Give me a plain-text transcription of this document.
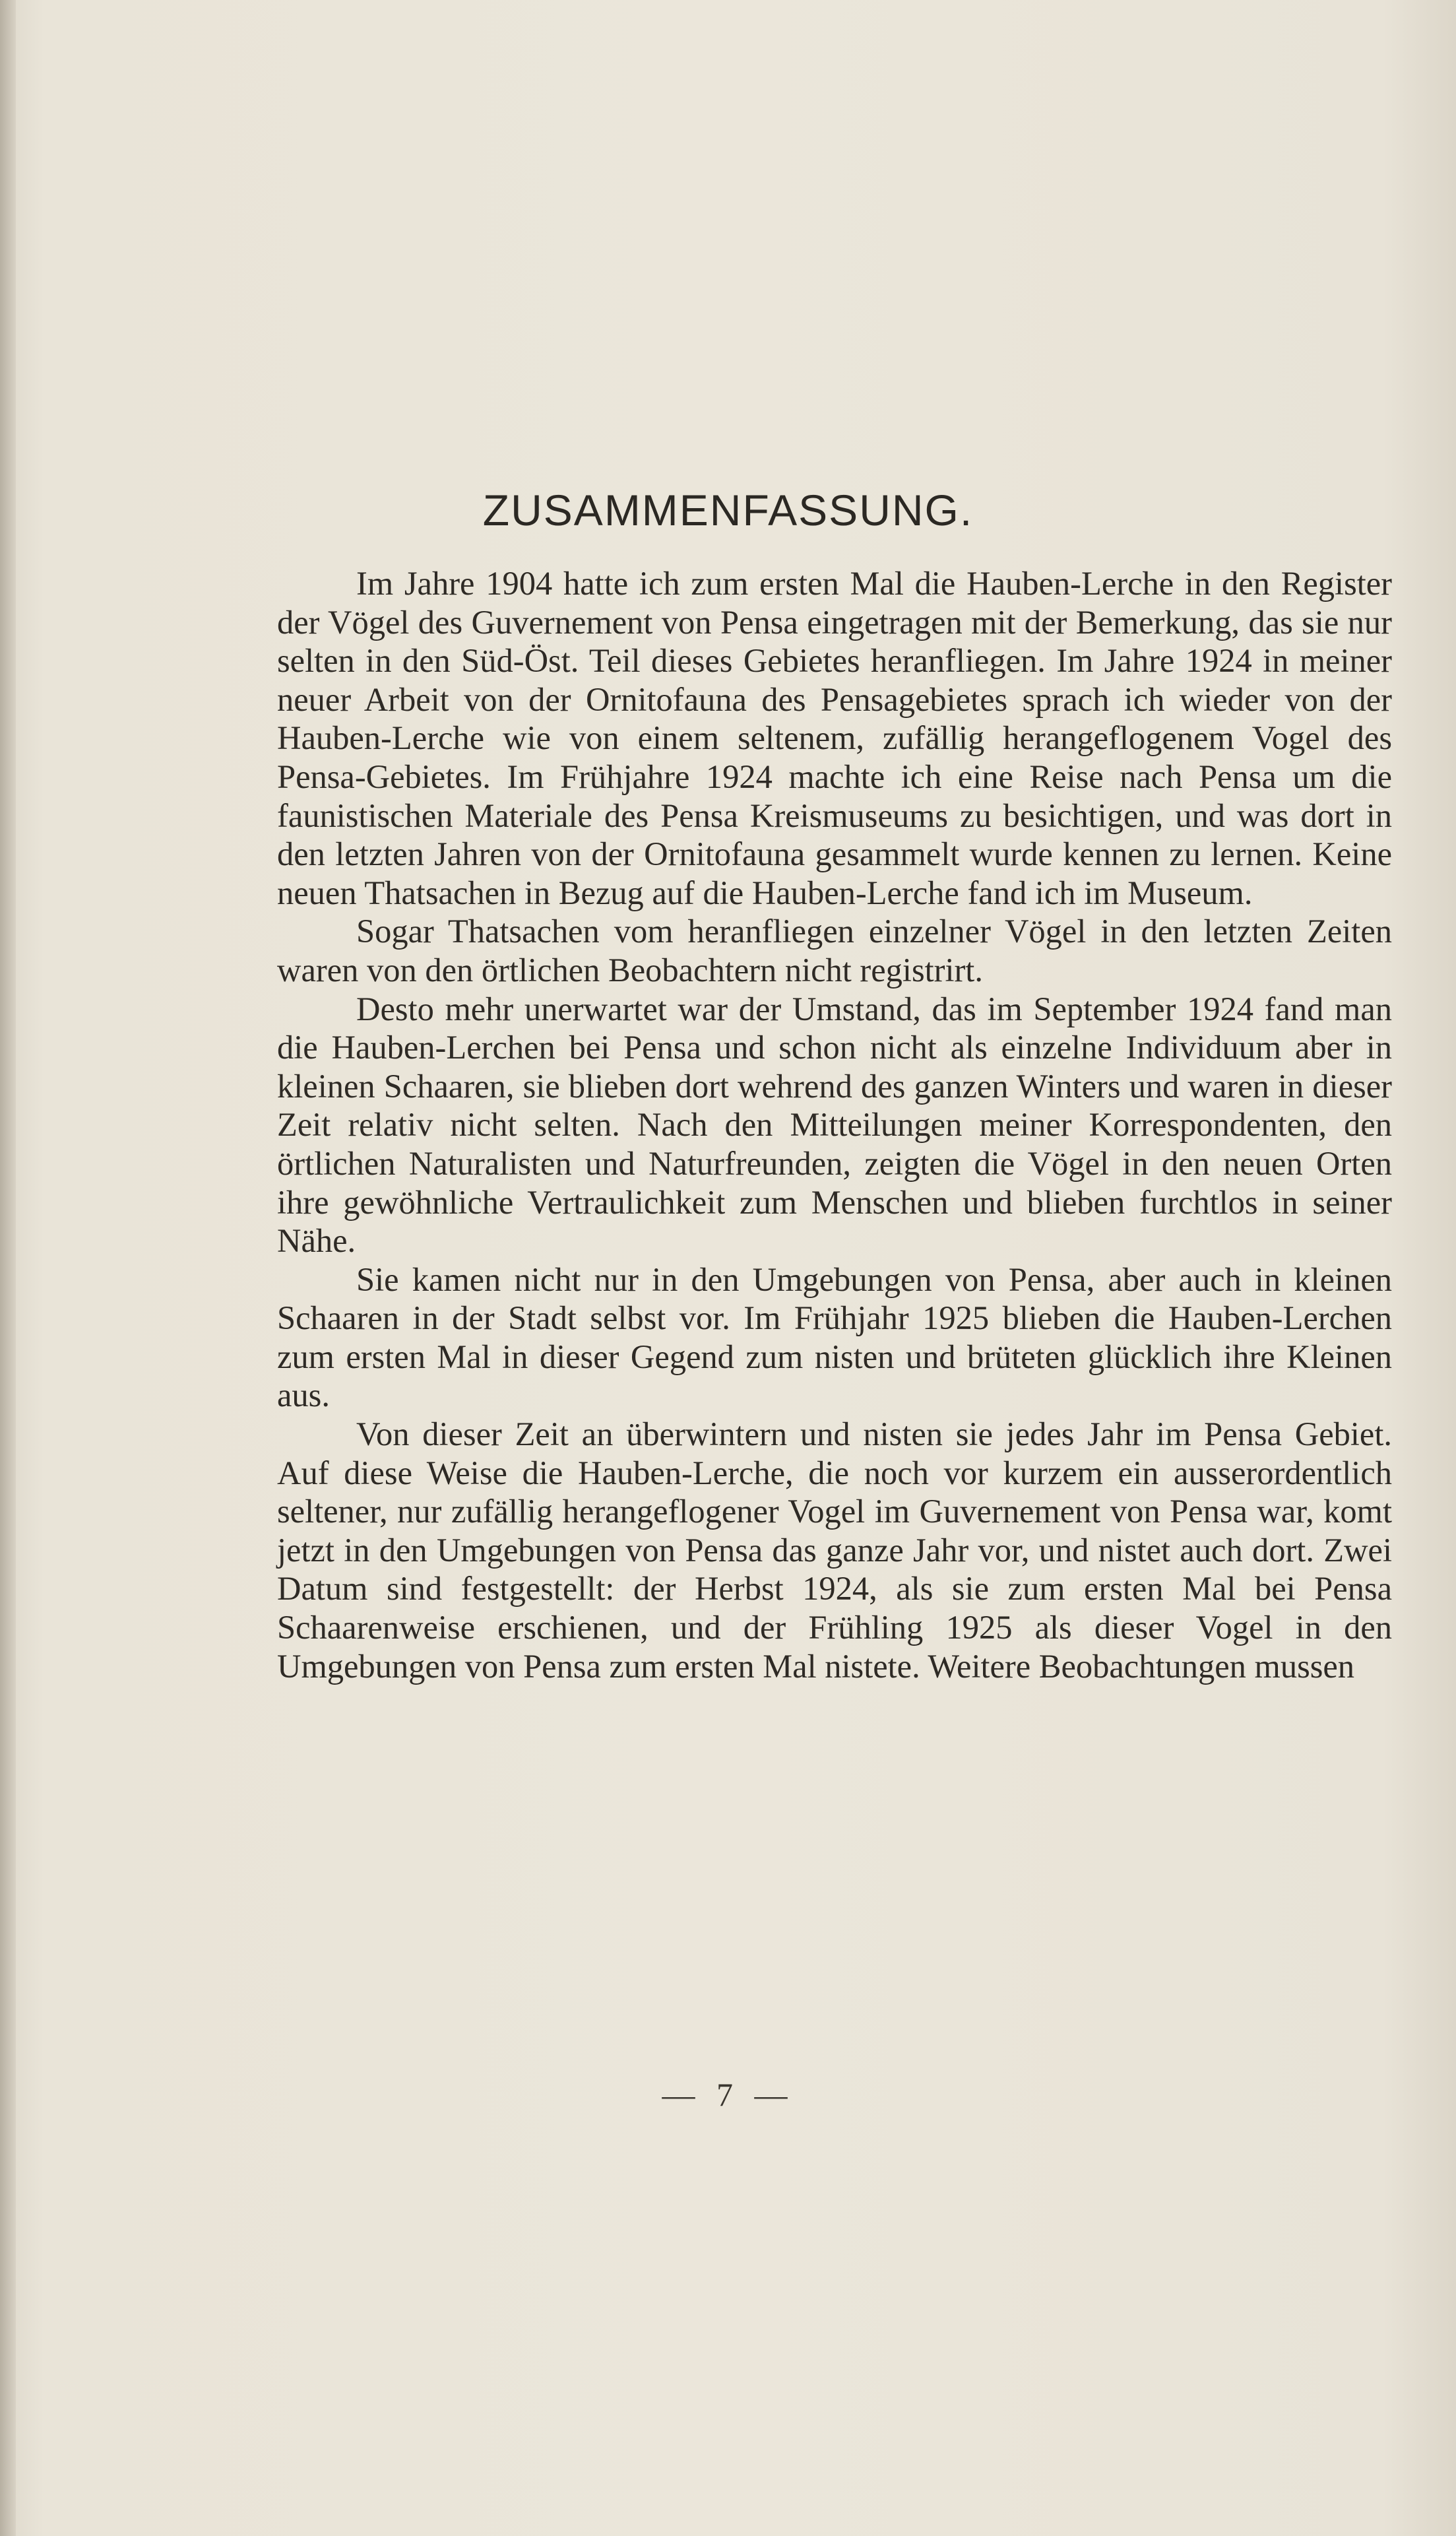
ZUSAMMENFASSUNG.

Im Jahre 1904 hatte ich zum ersten Mal die Hauben-Lerche in den Register der Vögel des Guvernement von Pensa eingetragen mit der Bemerkung, das sie nur selten in den Süd-Öst. Teil dieses Gebietes heranfliegen. Im Jahre 1924 in meiner neuer Arbeit von der Ornitofauna des Pensagebietes sprach ich wieder von der Hauben-Lerche wie von einem seltenem, zufällig herangeflogenem Vogel des Pensa-Gebietes. Im Frühjahre 1924 machte ich eine Reise nach Pensa um die faunistischen Materiale des Pensa Kreismuseums zu besichtigen, und was dort in den letzten Jahren von der Ornitofauna gesammelt wurde kennen zu lernen. Keine neuen Thatsachen in Bezug auf die Hauben-Lerche fand ich im Museum.

Sogar Thatsachen vom heranfliegen einzelner Vögel in den letzten Zeiten waren von den örtlichen Beobachtern nicht registrirt.

Desto mehr unerwartet war der Umstand, das im September 1924 fand man die Hauben-Lerchen bei Pensa und schon nicht als einzelne Individuum aber in kleinen Schaaren, sie blieben dort wehrend des ganzen Winters und waren in dieser Zeit relativ nicht selten. Nach den Mitteilungen meiner Korrespondenten, den örtlichen Naturalisten und Naturfreunden, zeigten die Vögel in den neuen Orten ihre gewöhnliche Vertraulichkeit zum Menschen und blieben furchtlos in seiner Nähe.

Sie kamen nicht nur in den Umgebungen von Pensa, aber auch in kleinen Schaaren in der Stadt selbst vor. Im Frühjahr 1925 blieben die Hauben-Lerchen zum ersten Mal in dieser Gegend zum nisten und brüteten glücklich ihre Kleinen aus.

Von dieser Zeit an überwintern und nisten sie jedes Jahr im Pensa Gebiet. Auf diese Weise die Hauben-Lerche, die noch vor kurzem ein ausserordentlich seltener, nur zufällig herangeflogener Vogel im Guvernement von Pensa war, komt jetzt in den Umgebungen von Pensa das ganze Jahr vor, und nistet auch dort. Zwei Datum sind festgestellt: der Herbst 1924, als sie zum ersten Mal bei Pensa Schaarenweise erschienen, und der Frühling 1925 als dieser Vogel in den Umgebungen von Pensa zum ersten Mal nistete. Weitere Beobachtungen mussen

— 7 —
